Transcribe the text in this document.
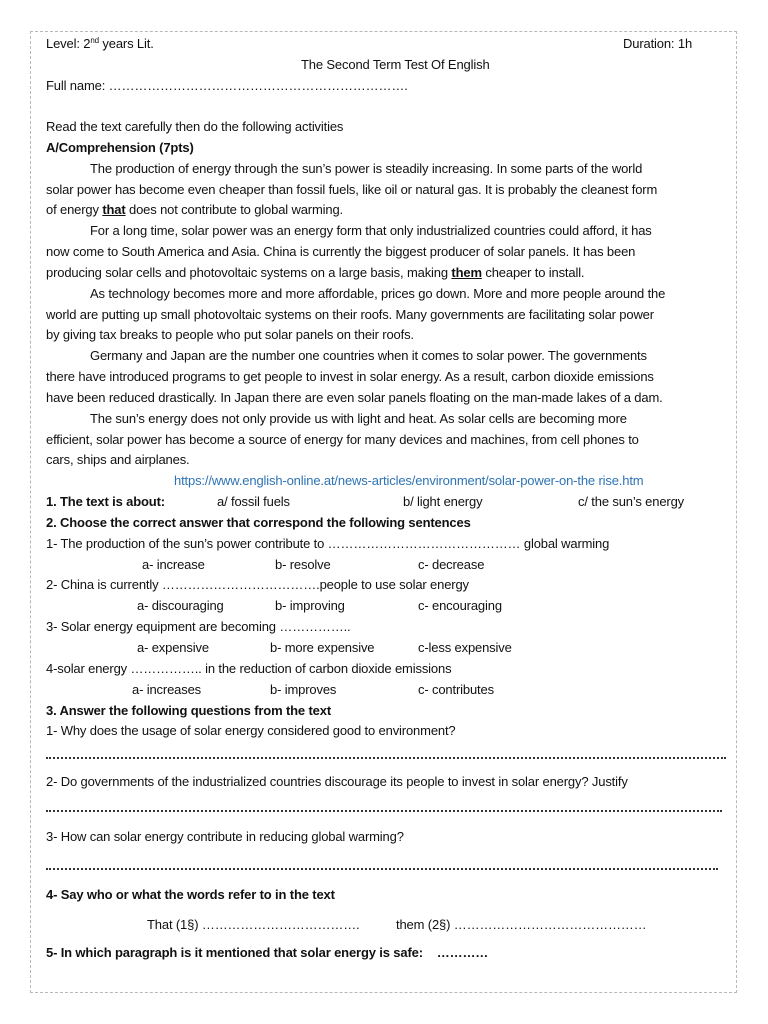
Level: 2nd years Lit.	Duration: 1h
The Second Term Test Of English
Full name: …………………………………………………………….
Read the text carefully then do the following activities
A/Comprehension (7pts)
The production of energy through the sun’s power is steadily increasing. In some parts of the world
solar power has become even cheaper than fossil fuels, like oil or natural gas. It is probably the cleanest form
of energy that does not contribute to global warming.
For a long time, solar power was an energy form that only industrialized countries could afford, it has
now come to South America and Asia. China is currently the biggest producer of solar panels. It has been
producing solar cells and photovoltaic systems on a large basis, making them cheaper to install.
As technology becomes more and more affordable, prices go down. More and more people around the
world are putting up small photovoltaic systems on their roofs. Many governments are facilitating solar power
by giving tax breaks to people who put solar panels on their roofs.
Germany and Japan are the number one countries when it comes to solar power. The governments
there have introduced programs to get people to invest in solar energy. As a result, carbon dioxide emissions
have been reduced drastically. In Japan there are even solar panels floating on the man-made lakes of a dam.
The sun’s energy does not only provide us with light and heat. As solar cells are becoming more
efficient, solar power has become a source of energy for many devices and machines, from cell phones to
cars, ships and airplanes.
https://www.english-online.at/news-articles/environment/solar-power-on-the rise.htm
1. The text is about:	a/ fossil fuels	b/ light energy	c/ the sun’s energy
2. Choose the correct answer that correspond the following sentences
1- The production of the sun’s power contribute to ……………………………………… global warming
a- increase	b- resolve	c- decrease
2- China is currently ……………………………….people to use solar energy
a- discouraging	b- improving	c- encouraging
3- Solar energy equipment are becoming ……………..
a- expensive	b- more expensive	c-less expensive
4-solar energy …………….. in the reduction of carbon dioxide emissions
a- increases	b- improves	c- contributes
3. Answer the following questions from the text
1- Why does the usage of solar energy considered good to environment?
2- Do governments of the industrialized countries discourage its people to invest in solar energy? Justify
3- How can solar energy contribute in reducing global warming?
4- Say who or what the words refer to in the text
That (1§) ……………………………….	them (2§) ………………………………………
5- In which paragraph is it mentioned that solar energy is safe: …………
